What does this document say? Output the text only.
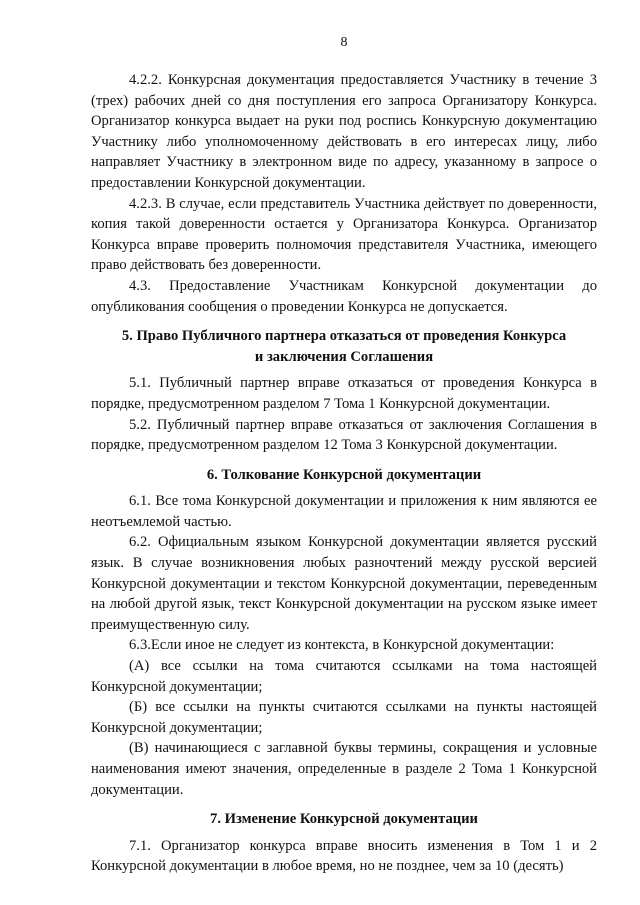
8

4.2.2. Конкурсная документация предоставляется Участнику в течение 3 (трех) рабочих дней со дня поступления его запроса Организатору Конкурса. Организатор конкурса выдает на руки под роспись Конкурсную документацию Участнику либо уполномоченному действовать в его интересах лицу, либо направляет Участнику в электронном виде по адресу, указанному в запросе о предоставлении Конкурсной документации.

4.2.3. В случае, если представитель Участника действует по доверенности, копия такой доверенности остается у Организатора Конкурса. Организатор Конкурса вправе проверить полномочия представителя Участника, имеющего право действовать без доверенности.

4.3. Предоставление Участникам Конкурсной документации до опубликования сообщения о проведении Конкурса не допускается.

5. Право Публичного партнера отказаться от проведения Конкурса
и заключения Соглашения

5.1. Публичный партнер вправе отказаться от проведения Конкурса в порядке, предусмотренном разделом 7 Тома 1 Конкурсной документации.

5.2. Публичный партнер вправе отказаться от заключения Соглашения в порядке, предусмотренном разделом 12 Тома 3 Конкурсной документации.

6. Толкование Конкурсной документации

6.1. Все тома Конкурсной документации и приложения к ним являются ее неотъемлемой частью.

6.2. Официальным языком Конкурсной документации является русский язык. В случае возникновения любых разночтений между русской версией Конкурсной документации и текстом Конкурсной документации, переведенным на любой другой язык, текст Конкурсной документации на русском языке имеет преимущественную силу.

6.3.Если иное не следует из контекста, в Конкурсной документации:

(А) все ссылки на тома считаются ссылками на тома настоящей Конкурсной документации;

(Б) все ссылки на пункты считаются ссылками на пункты настоящей Конкурсной документации;

(В) начинающиеся с заглавной буквы термины, сокращения и условные наименования имеют значения, определенные в разделе 2 Тома 1 Конкурсной документации.

7. Изменение Конкурсной документации

7.1. Организатор конкурса вправе вносить изменения в Том 1 и 2 Конкурсной документации в любое время, но не позднее, чем за 10 (десять)
